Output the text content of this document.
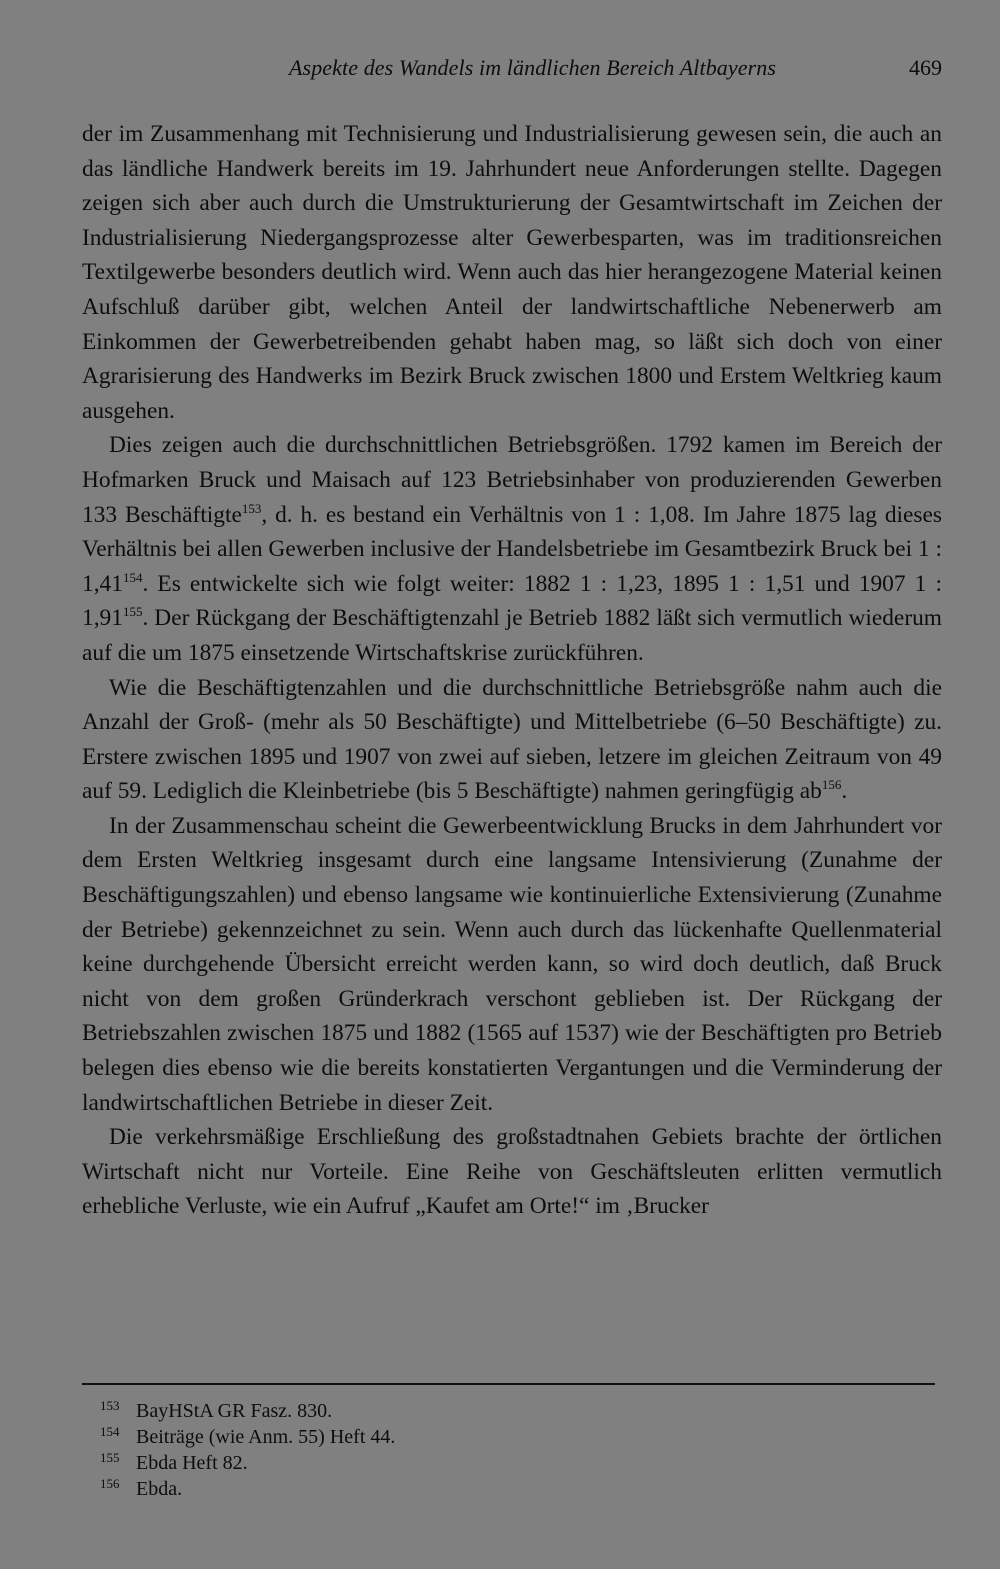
Aspekte des Wandels im ländlichen Bereich Altbayerns	469

der im Zusammenhang mit Technisierung und Industrialisierung gewesen sein, die auch an das ländliche Handwerk bereits im 19. Jahrhundert neue Anforderungen stellte. Dagegen zeigen sich aber auch durch die Umstrukturierung der Gesamtwirtschaft im Zeichen der Industrialisierung Niedergangsprozesse alter Gewerbesparten, was im traditionsreichen Textilgewerbe besonders deutlich wird. Wenn auch das hier herangezogene Material keinen Aufschluß darüber gibt, welchen Anteil der landwirtschaftliche Nebenerwerb am Einkommen der Gewerbetreibenden gehabt haben mag, so läßt sich doch von einer Agrarisierung des Handwerks im Bezirk Bruck zwischen 1800 und Erstem Weltkrieg kaum ausgehen.

Dies zeigen auch die durchschnittlichen Betriebsgrößen. 1792 kamen im Bereich der Hofmarken Bruck und Maisach auf 123 Betriebsinhaber von produzierenden Gewerben 133 Beschäftigte$^{153}$, d. h. es bestand ein Verhältnis von 1 : 1,08. Im Jahre 1875 lag dieses Verhältnis bei allen Gewerben inclusive der Handelsbetriebe im Gesamtbezirk Bruck bei 1 : 1,41$^{154}$. Es entwickelte sich wie folgt weiter: 1882 1 : 1,23, 1895 1 : 1,51 und 1907 1 : 1,91$^{155}$. Der Rückgang der Beschäftigtenzahl je Betrieb 1882 läßt sich vermutlich wiederum auf die um 1875 einsetzende Wirtschaftskrise zurückführen.

Wie die Beschäftigtenzahlen und die durchschnittliche Betriebsgröße nahm auch die Anzahl der Groß- (mehr als 50 Beschäftigte) und Mittelbetriebe (6–50 Beschäftigte) zu. Erstere zwischen 1895 und 1907 von zwei auf sieben, letzere im gleichen Zeitraum von 49 auf 59. Lediglich die Kleinbetriebe (bis 5 Beschäftigte) nahmen geringfügig $ab^{156}$.

In der Zusammenschau scheint die Gewerbeentwicklung Brucks in dem Jahrhundert vor dem Ersten Weltkrieg insgesamt durch eine langsame Intensivierung (Zunahme der Beschäftigungszahlen) und ebenso langsame wie kontinuierliche Extensivierung (Zunahme der Betriebe) gekennzeichnet zu sein. Wenn auch durch das lückenhafte Quellenmaterial keine durchgehende Übersicht erreicht werden kann, so wird doch deutlich, daß Bruck nicht von dem großen Gründerkrach verschont geblieben ist. Der Rückgang der Betriebszahlen zwischen 1875 und 1882 (1565 auf 1537) wie der Beschäftigten pro Betrieb belegen dies ebenso wie die bereits konstatierten Vergantungen und die Verminderung der landwirtschaftlichen Betriebe in dieser Zeit.

Die verkehrsmäßige Erschließung des großstadtnahen Gebiets brachte der örtlichen Wirtschaft nicht nur Vorteile. Eine Reihe von Geschäftsleuten erlitten vermutlich erhebliche Verluste, wie ein Aufruf „Kaufet am Orte!“ im ‚Brucker

153 BayHStA GR Fasz. 830.
154 Beiträge (wie Anm. 55) Heft 44.
155 Ebda Heft 82.
156 Ebda.
